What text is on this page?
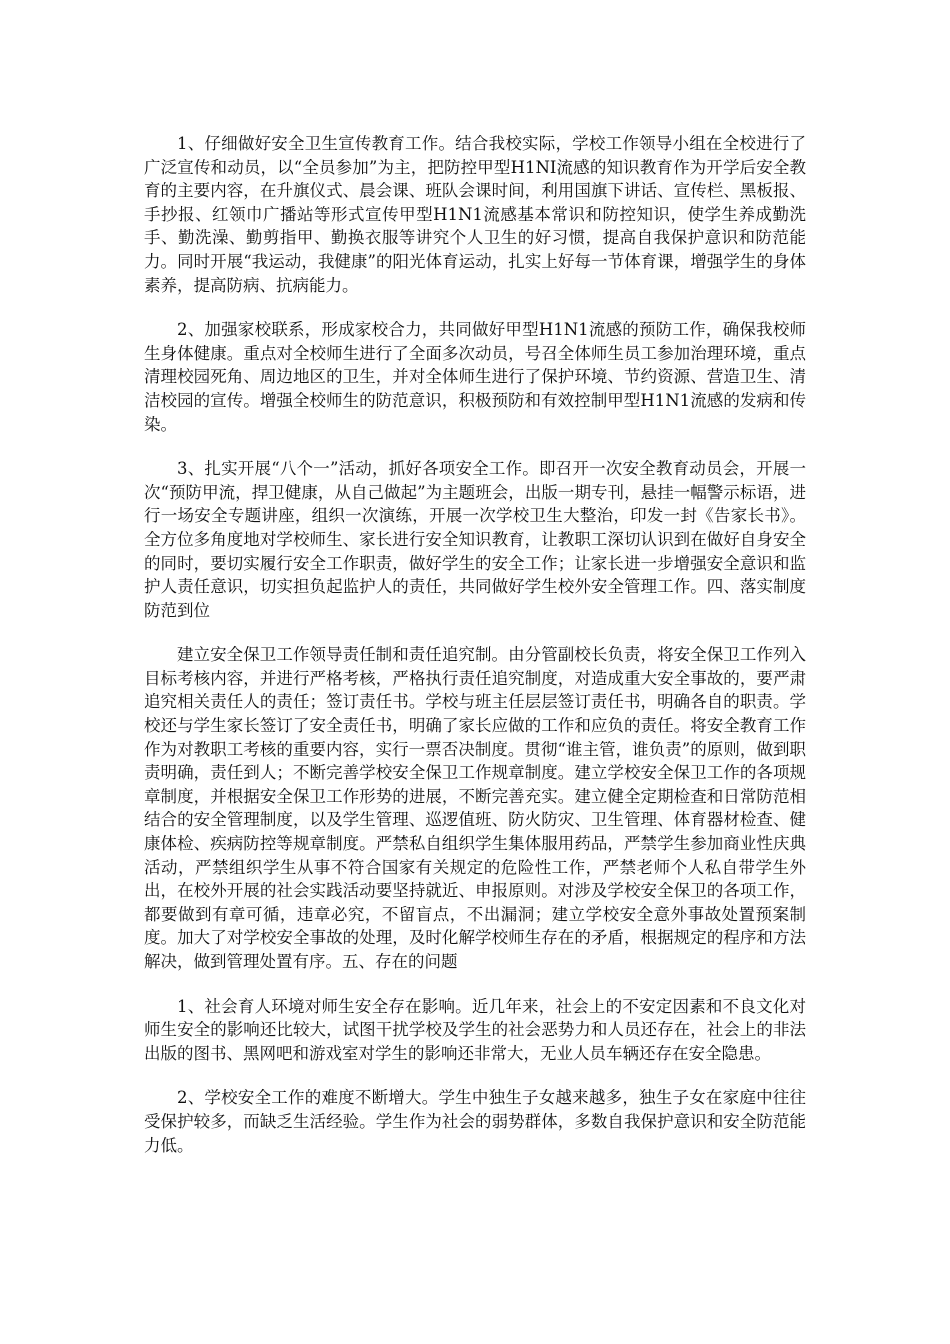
1、仔细做好安全卫生宣传教育工作。结合我校实际，学校工作领导小组在全校进行了广泛宣传和动员，以“全员参加”为主，把防控甲型H1NI流感的知识教育作为开学后安全教育的主要内容，在升旗仪式、晨会课、班队会课时间，利用国旗下讲话、宣传栏、黑板报、手抄报、红领巾广播站等形式宣传甲型H1N1流感基本常识和防控知识，使学生养成勤洗手、勤洗澡、勤剪指甲、勤换衣服等讲究个人卫生的好习惯，提高自我保护意识和防范能力。同时开展“我运动，我健康”的阳光体育运动，扎实上好每一节体育课，增强学生的身体素养，提高防病、抗病能力。

2、加强家校联系，形成家校合力，共同做好甲型H1N1流感的预防工作，确保我校师生身体健康。重点对全校师生进行了全面多次动员，号召全体师生员工参加治理环境，重点清理校园死角、周边地区的卫生，并对全体师生进行了保护环境、节约资源、营造卫生、清洁校园的宣传。增强全校师生的防范意识，积极预防和有效控制甲型H1N1流感的发病和传染。

3、扎实开展“八个一”活动，抓好各项安全工作。即召开一次安全教育动员会，开展一次“预防甲流，捍卫健康，从自己做起”为主题班会，出版一期专刊，悬挂一幅警示标语，进行一场安全专题讲座，组织一次演练，开展一次学校卫生大整治，印发一封《告家长书》。全方位多角度地对学校师生、家长进行安全知识教育，让教职工深切认识到在做好自身安全的同时，要切实履行安全工作职责，做好学生的安全工作；让家长进一步增强安全意识和监护人责任意识，切实担负起监护人的责任，共同做好学生校外安全管理工作。四、落实制度防范到位

建立安全保卫工作领导责任制和责任追究制。由分管副校长负责，将安全保卫工作列入目标考核内容，并进行严格考核，严格执行责任追究制度，对造成重大安全事故的，要严肃追究相关责任人的责任；签订责任书。学校与班主任层层签订责任书，明确各自的职责。学校还与学生家长签订了安全责任书，明确了家长应做的工作和应负的责任。将安全教育工作作为对教职工考核的重要内容，实行一票否决制度。贯彻“谁主管，谁负责”的原则，做到职责明确，责任到人；不断完善学校安全保卫工作规章制度。建立学校安全保卫工作的各项规章制度，并根据安全保卫工作形势的进展，不断完善充实。建立健全定期检查和日常防范相结合的安全管理制度，以及学生管理、巡逻值班、防火防灾、卫生管理、体育器材检查、健康体检、疾病防控等规章制度。严禁私自组织学生集体服用药品，严禁学生参加商业性庆典活动，严禁组织学生从事不符合国家有关规定的危险性工作，严禁老师个人私自带学生外出，在校外开展的社会实践活动要坚持就近、申报原则。对涉及学校安全保卫的各项工作，都要做到有章可循，违章必究，不留盲点，不出漏洞；建立学校安全意外事故处置预案制度。加大了对学校安全事故的处理，及时化解学校师生存在的矛盾，根据规定的程序和方法解决，做到管理处置有序。五、存在的问题

1、社会育人环境对师生安全存在影响。近几年来，社会上的不安定因素和不良文化对师生安全的影响还比较大，试图干扰学校及学生的社会恶势力和人员还存在，社会上的非法出版的图书、黑网吧和游戏室对学生的影响还非常大，无业人员车辆还存在安全隐患。

2、学校安全工作的难度不断增大。学生中独生子女越来越多，独生子女在家庭中往往受保护较多，而缺乏生活经验。学生作为社会的弱势群体，多数自我保护意识和安全防范能力低。
